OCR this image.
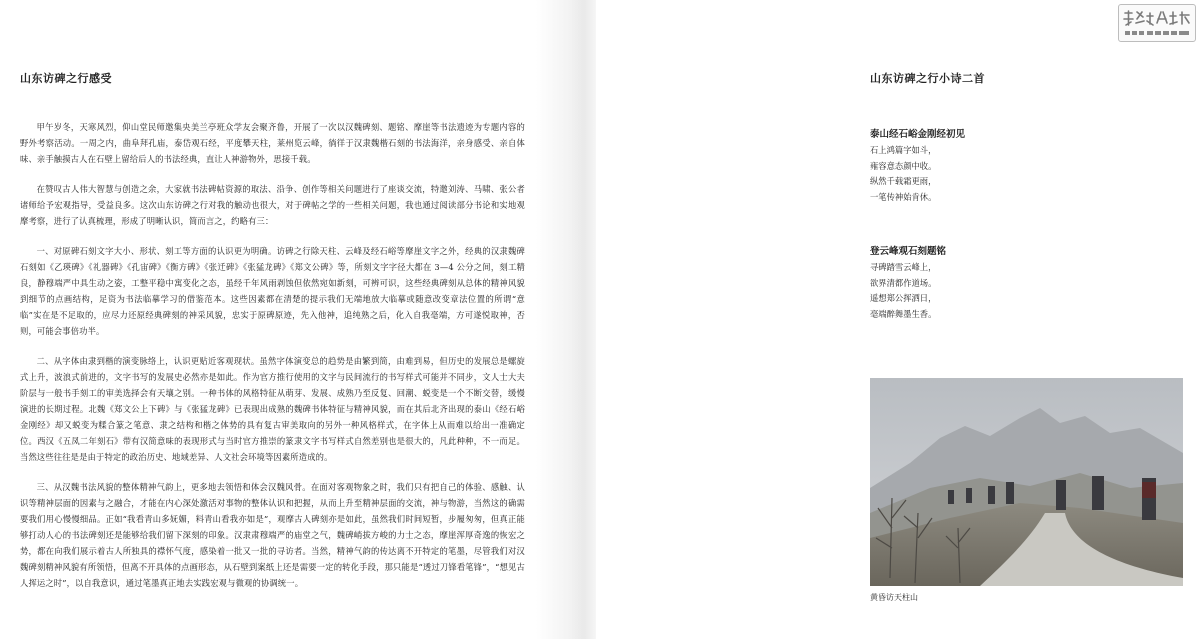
山东访碑之行感受

甲午岁冬，天寒风烈，仰山堂民师邀集央美兰亭班众学友会聚齐鲁，开展了一次以汉魏碑刻、题铭、摩崖等书法遗迹为专题内容的野外考察活动。一周之内，曲阜拜孔庙，泰岱观石经，平度攀天柱，莱州览云峰，徜徉于汉隶魏楷石刻的书法海洋，亲身感受、亲自体味、亲手触摸古人在石壁上留给后人的书法经典，直让人神游物外，思接千载。

在赞叹古人伟大智慧与创造之余，大家就书法碑帖资源的取法、沿争、创作等相关问题进行了座谈交流，特邀刘涛、马啸、张公者诸师给予宏观指导，受益良多。这次山东访碑之行对我的触动也很大，对于碑帖之学的一些相关问题，我也通过阅读部分书论和实地观摩考察，进行了认真梳理，形成了明晰认识，简而言之，约略有三：

一、对原碑石刻文字大小、形状、刻工等方面的认识更为明确。访碑之行除天柱、云峰及经石峪等摩崖文字之外，经典的汉隶魏碑石刻如《乙瑛碑》《礼器碑》《孔宙碑》《衡方碑》《张迁碑》《张猛龙碑》《郑文公碑》等，所刻文字字径大都在 3—4 公分之间，刻工精良，静穆端严中具生动之姿，工整平稳中寓变化之态，虽经千年风雨剥蚀但依然宛如新刻，可辨可识，这些经典碑刻从总体的精神风貌到细节的点画结构，足资为书法临摹学习的借鉴范本。这些因素都在清楚的提示我们无端地放大临摹或随意改变章法位置的所谓“意临”实在是不足取的，应尽力还原经典碑刻的神采风貌，忠实于原碑原迹，先入他神，追纯熟之后，化入自我毫端，方可遂悦取神，否则，可能会事倍功半。

二、从字体由隶到楷的演变脉络上，认识更贴近客观现状。虽然字体演变总的趋势是由繁到简，由难到易，但历史的发展总是螺旋式上升，波浪式前进的，文字书写的发展史必然亦是如此。作为官方推行使用的文字与民间流行的书写样式可能并不同步，文人士大夫阶层与一般书手刻工的审美选择会有天壤之别。一种书体的风格特征从萌芽、发展、成熟乃至反复、回潮、蜕变是一个不断交替，缓慢演进的长期过程。北魏《郑文公上下碑》与《张猛龙碑》已表现出成熟的魏碑书体特征与精神风貌，而在其后北齐出现的泰山《经石峪金刚经》却又蜕变为糅合篆之笔意、隶之结构和楷之体势的具有复古审美取向的另外一种风格样式，在字体上从而难以给出一准确定位。西汉《五凤二年刻石》带有汉简意味的表现形式与当时官方推崇的篆隶文字书写样式自然差别也是很大的，凡此种种，不一而足。当然这些往往是是由于特定的政治历史、地域差异、人文社会环境等因素所造成的。

三、从汉魏书法风貌的整体精神气韵上，更多地去领悟和体会汉魏风骨。在面对客观物象之时，我们只有把自己的体验、感触、认识等精神层面的因素与之融合，才能在内心深处激活对事物的整体认识和把握，从而上升至精神层面的交流，神与物游，当然这的确需要我们用心慢慢细品。正如“我看青山多妩媚，料青山看我亦如是”，观摩古人碑刻亦是如此，虽然我们时间短暂，步履匆匆，但真正能够打动人心的书法碑刻还是能够给我们留下深刻的印象。汉隶肃穆端严的庙堂之气，魏碑峭拔方峻的力士之态，摩崖浑厚奇逸的恢宏之势，都在向我们展示着古人所独具的襟怀气度，感染着一批又一批的寻访者。当然，精神气韵的传达离不开特定的笔墨，尽管我们对汉魏碑刻精神风貌有所领悟，但离不开具体的点画形态，从石壁到案纸上还是需要一定的转化手段，那只能是“透过刀锋看笔锋”，“想见古人挥运之时”，以自我意识，通过笔墨真正地去实践宏观与微观的协调统一。

山东访碑之行小诗二首
泰山经石峪金刚经初见
石上鸿篇字如斗，
雍容意态颜中收。
纵然千载霜更雨，
一笔传神始肯休。
登云峰观石刻题铭
寻碑踏雪云峰上，
欲界清都作道场。
遥想郑公挥洒日，
毫端醉舞墨生香。
黄昏访天柱山
